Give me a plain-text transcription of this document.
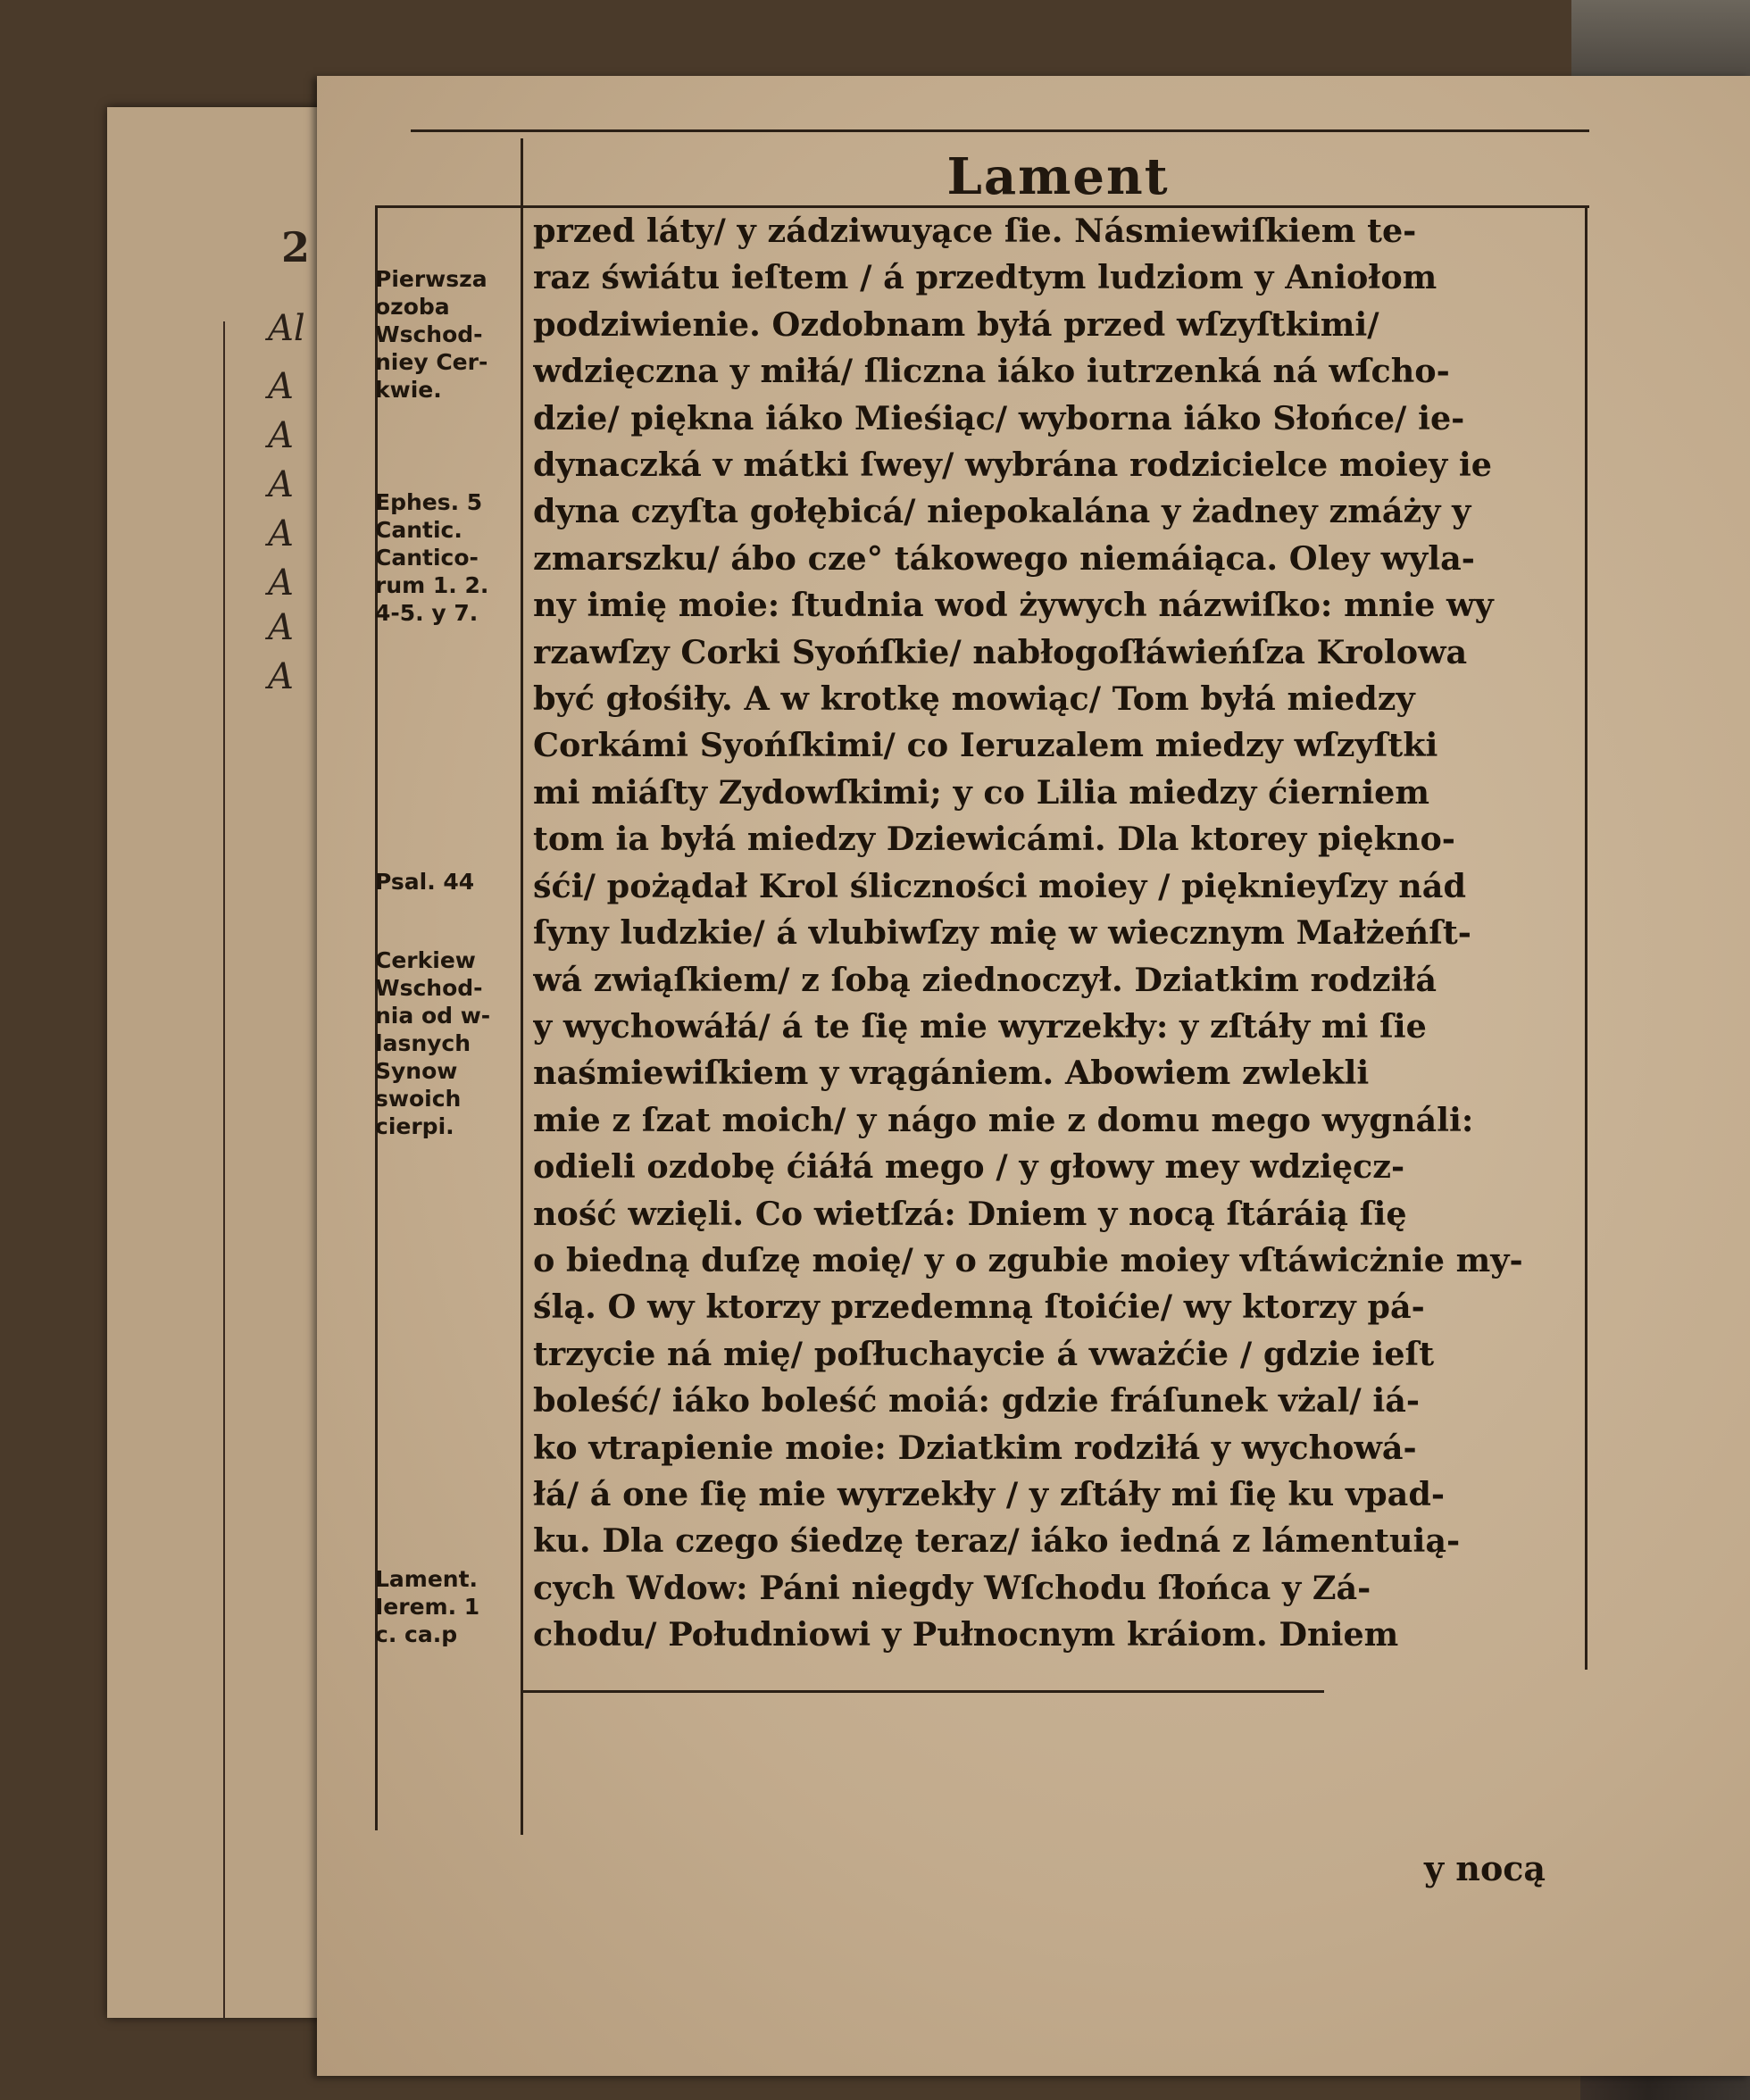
2
Al
A
A
A
A
A
A
A
Lament
Pierwsza
ozoba
Wschod-
niey Cer-
kwie.
Ephes. 5
Cantic.
Cantico-
rum 1. 2.
4-5. y 7.
Psal. 44
Cerkiew
Wschod-
nia od w-
lasnych
Synow
swoich
cierpi.
Lament.
Ierem. 1
c. ca.p
przed láty/ y zádziwuyące ſie. Násmiewiſkiem te-
raz świátu ieſtem / á przedtym ludziom y Aniołom
podziwienie. Ozdobnam byłá przed wſzyſtkimi/
wdzięczna y miłá/ ſliczna iáko iutrzenká ná wſcho-
dzie/ piękna iáko Mieśiąc/ wyborna iáko Słońce/ ie-
dynaczká v mátki ſwey/ wybrána rodzicielce moiey ie
dyna czyſta gołębicá/ niepokalána y żadney zmáży y
zmarszku/ ábo cze° tákowego niemáiąca. Oley wyla-
ny imię moie: ſtudnia wod żywych názwiſko: mnie wy
rzawſzy Corki Syońſkie/ nabłogoſłáwieńſza Krolowa
być głośiły. A w krotkę mowiąc/ Tom byłá miedzy
Corkámi Syońſkimi/ co Ieruzalem miedzy wſzyſtki
mi miáſty Zydowſkimi; y co Lilia miedzy ćierniem
tom ia byłá miedzy Dziewicámi. Dla ktorey piękno-
śći/ pożądał Krol śliczności moiey / pięknieyſzy nád
ſyny ludzkie/ á vlubiwſzy mię w wiecznym Małżeńſt-
wá zwiąſkiem/ z ſobą ziednoczył. Dziatkim rodziłá
y wychowáłá/ á te ſię mie wyrzekły: y zſtáły mi ſie
naśmiewiſkiem y vrągániem. Abowiem zwlekli
mie z ſzat moich/ y nágo mie z domu mego wygnáli:
odieli ozdobę ćiáłá mego / y głowy mey wdzięcz-
ność wzięli. Co wietſzá: Dniem y nocą ſtáráią ſię
o biedną duſzę moię/ y o zgubie moiey vſtáwicżnie my-
ślą. O wy ktorzy przedemną ſtoićie/ wy ktorzy pá-
trzycie ná mię/ poſłuchaycie á vważćie / gdzie ieſt
boleść/ iáko boleść moiá: gdzie fráſunek vżal/ iá-
ko vtrapienie moie: Dziatkim rodziłá y wychowá-
łá/ á one ſię mie wyrzekły / y zſtáły mi ſię ku vpad-
ku. Dla czego śiedzę teraz/ iáko iedná z lámentuią-
cych Wdow: Páni niegdy Wſchodu ſłońca y Zá-
chodu/ Południowi y Pułnocnym kráiom. Dniem
y nocą
